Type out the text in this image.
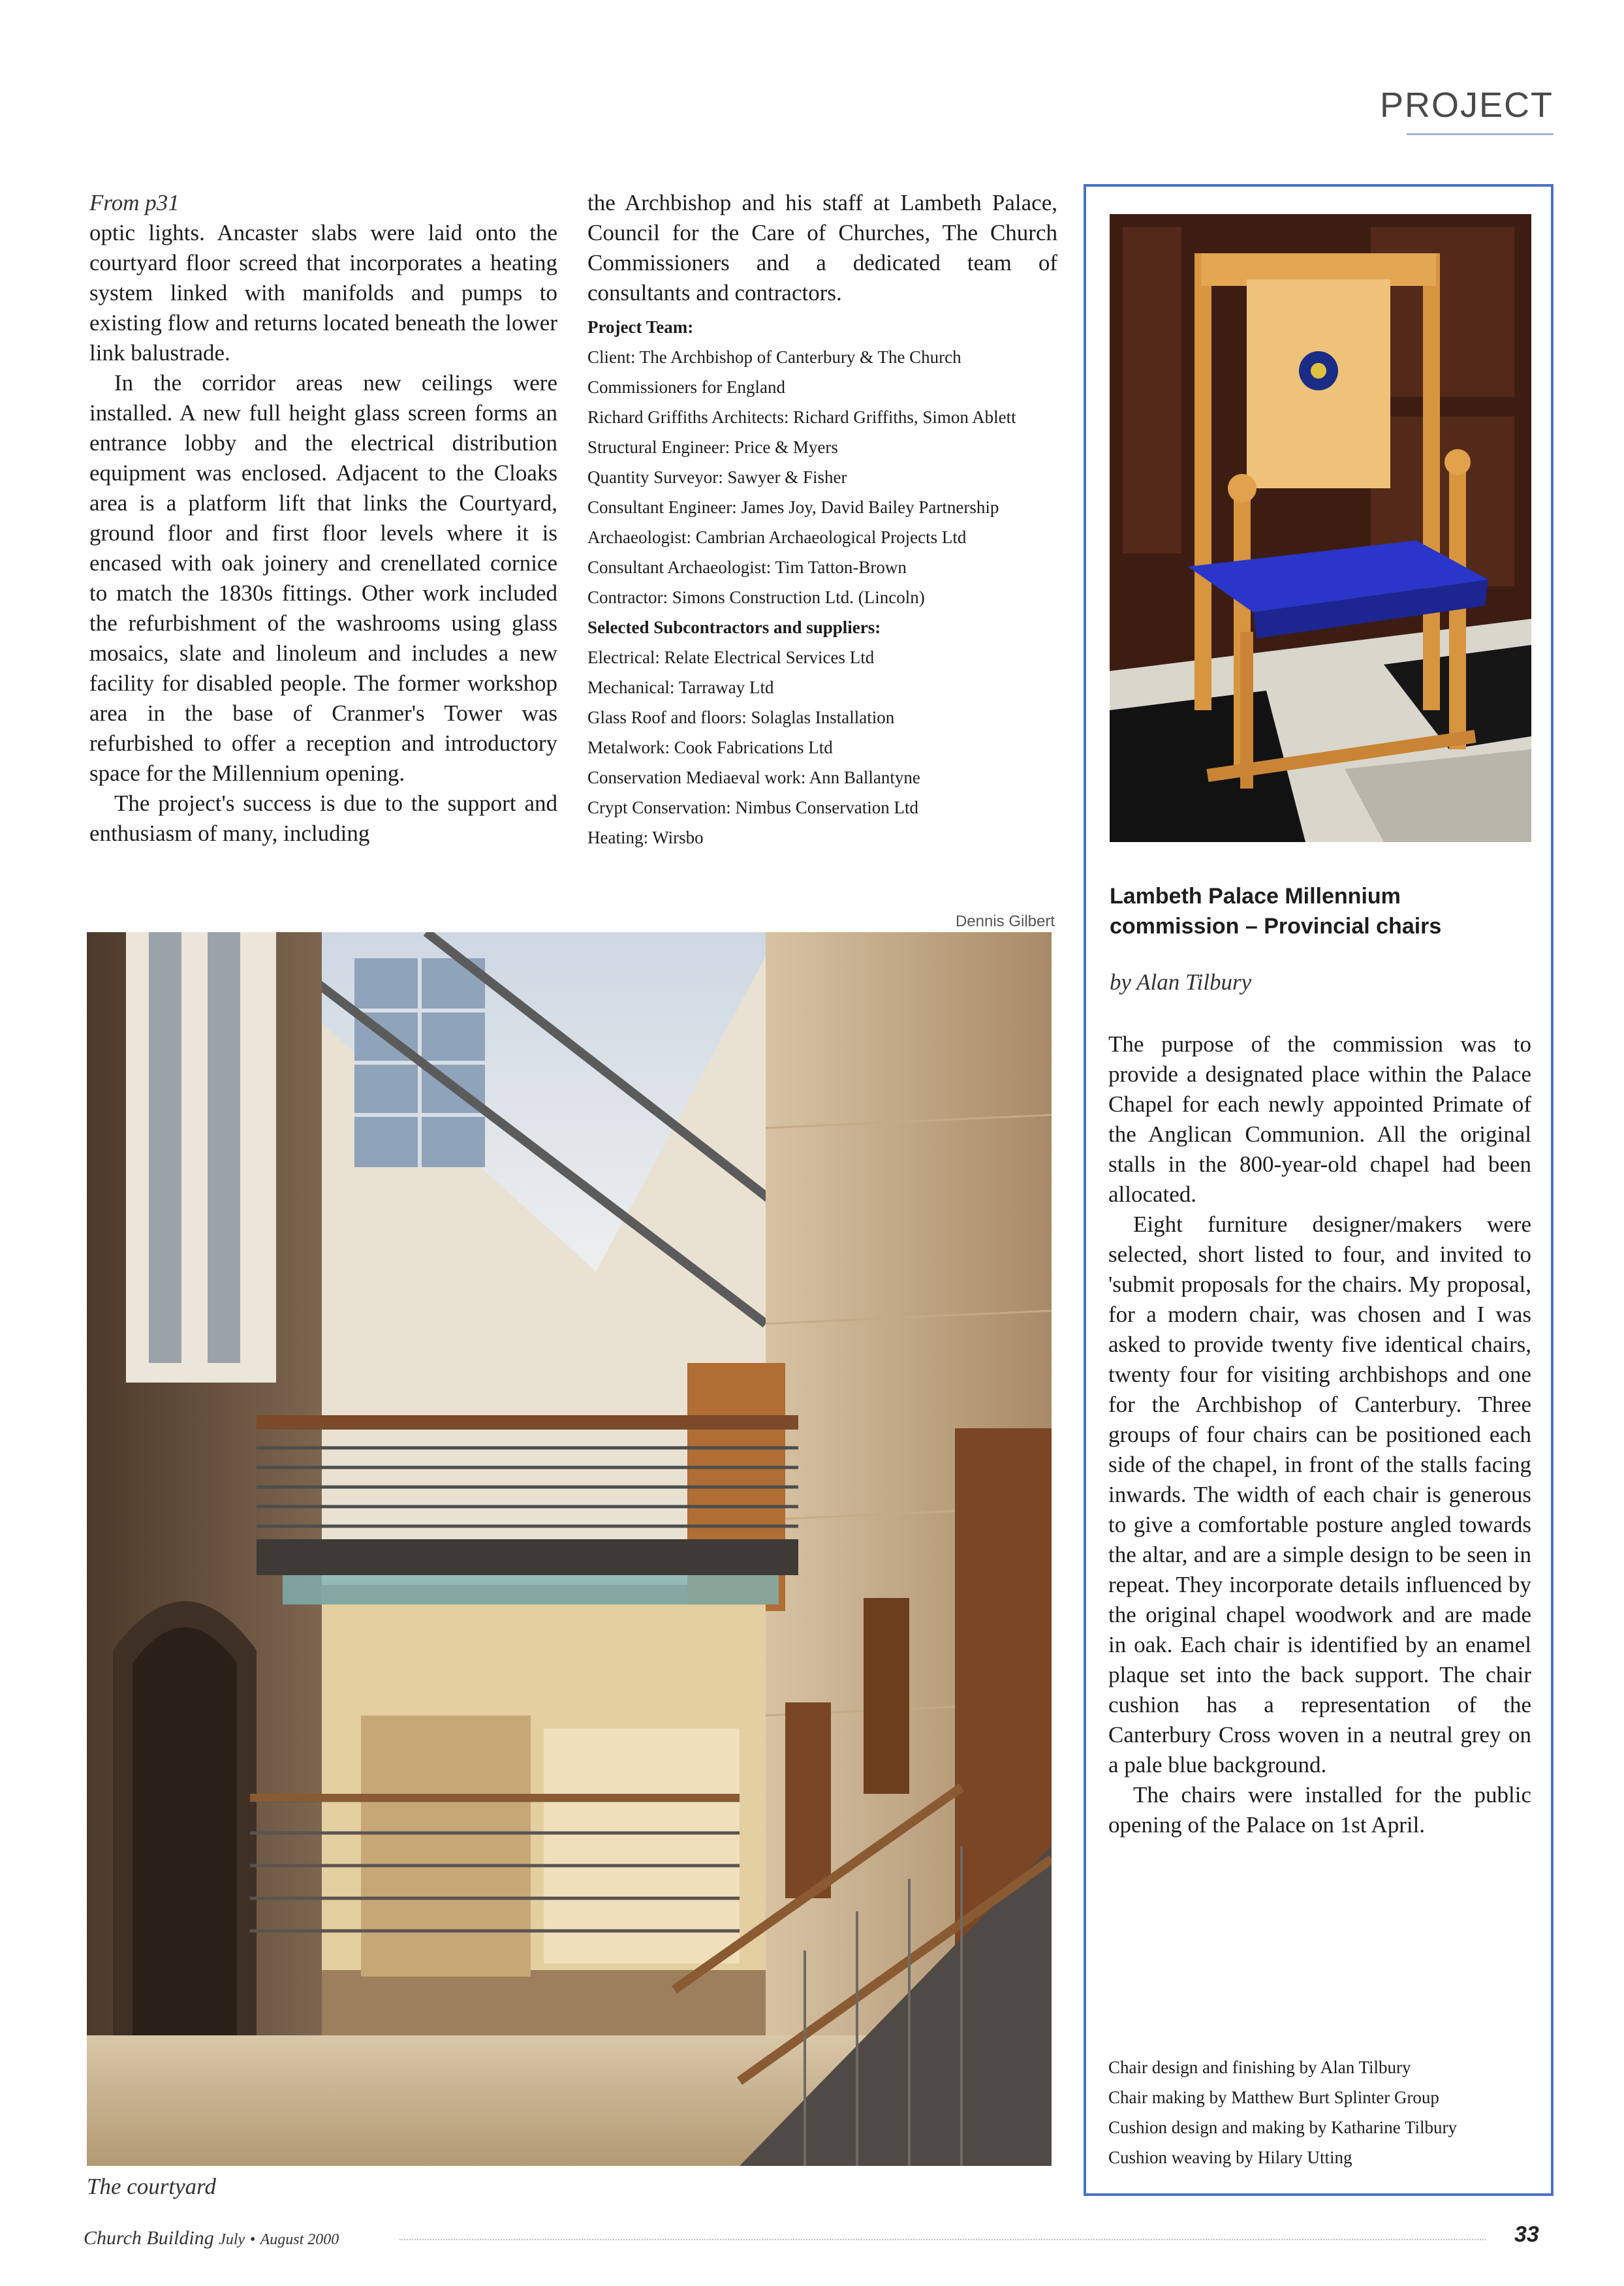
PROJECT

From p31

optic lights. Ancaster slabs were laid onto the courtyard floor screed that incorporates a heating system linked with manifolds and pumps to existing flow and returns located beneath the lower link balustrade.

In the corridor areas new ceilings were installed. A new full height glass screen forms an entrance lobby and the electrical distribution equipment was enclosed. Adjacent to the Cloaks area is a platform lift that links the Courtyard, ground floor and first floor levels where it is encased with oak joinery and crenellated cornice to match the 1830s fittings. Other work included the refurbishment of the washrooms using glass mosaics, slate and linoleum and includes a new facility for disabled people. The former workshop area in the base of Cranmer's Tower was refurbished to offer a reception and introductory space for the Millennium opening.

The project's success is due to the support and enthusiasm of many, including

the Archbishop and his staff at Lambeth Palace, Council for the Care of Churches, The Church Commissioners and a dedicated team of consultants and contractors.

Project Team:

Client: The Archbishop of Canterbury & The Church Commissioners for England

Richard Griffiths Architects: Richard Griffiths, Simon Ablett

Structural Engineer: Price & Myers

Quantity Surveyor: Sawyer & Fisher

Consultant Engineer: James Joy, David Bailey Partnership

Archaeologist: Cambrian Archaeological Projects Ltd

Consultant Archaeologist: Tim Tatton-Brown

Contractor: Simons Construction Ltd. (Lincoln)

Selected Subcontractors and suppliers:

Electrical: Relate Electrical Services Ltd

Mechanical: Tarraway Ltd

Glass Roof and floors: Solaglas Installation

Metalwork: Cook Fabrications Ltd

Conservation Mediaeval work: Ann Ballantyne

Crypt Conservation: Nimbus Conservation Ltd

Heating: Wirsbo

Dennis Gilbert
The courtyard
Lambeth Palace Millennium
commission – Provincial chairs
by Alan Tilbury

The purpose of the commission was to provide a designated place within the Palace Chapel for each newly appointed Primate of the Anglican Communion. All the original stalls in the 800-year-old chapel had been allocated.

Eight furniture designer/makers were selected, short listed to four, and invited to 'submit proposals for the chairs. My proposal, for a modern chair, was chosen and I was asked to provide twenty five identical chairs, twenty four for visiting archbishops and one for the Archbishop of Canterbury. Three groups of four chairs can be positioned each side of the chapel, in front of the stalls facing inwards. The width of each chair is generous to give a comfortable posture angled towards the altar, and are a simple design to be seen in repeat. They incorporate details influenced by the original chapel woodwork and are made in oak. Each chair is identified by an enamel plaque set into the back support. The chair cushion has a representation of the Canterbury Cross woven in a neutral grey on a pale blue background.

The chairs were installed for the public opening of the Palace on 1st April.

Chair design and finishing by Alan Tilbury

Chair making by Matthew Burt Splinter Group

Cushion design and making by Katharine Tilbury

Cushion weaving by Hilary Utting

Church Building July • August 2000	33
